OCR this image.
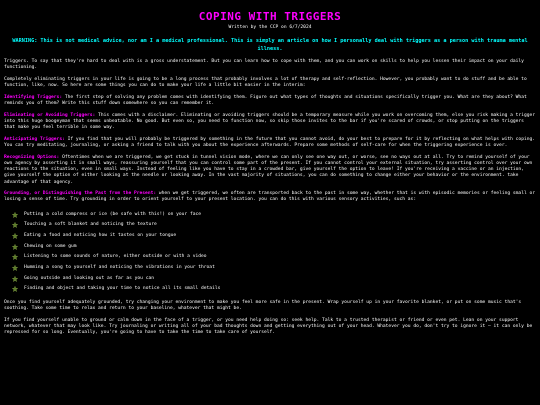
COPING WITH TRIGGERS
Written by the CCP on 6/7/2024
WARNING: This is not medical advice, nor am I a medical professional. This is simply an article on how I personally deal with triggers as a person with trauma mental illness.

Triggers. To say that they're hard to deal with is a gross understatement. But you can learn how to cope with them, and you can work on skills to help you lessen their impact on your daily functioning.

Completely eliminating triggers in your life is going to be a long process that probably involves a lot of therapy and self-reflection. However, you probably want to do stuff and be able to function, like, now. So here are some things you can do to make your life a little bit easier in the interim:

Identifying Triggers: The first step of solving any problem comes with identifying them. Figure out what types of thoughts and situations specifically trigger you. What are they about? What reminds you of them? Write this stuff down somewhere so you can remember it.

Eliminating or Avoiding Triggers: This comes with a disclaimer. Eliminating or avoiding triggers should be a temporary measure while you work on overcoming them, else you risk making a trigger into this huge boogeyman that seems unbeatable. No good. But even so, you need to function now, so skip those invites to the bar if you're scared of crowds, or stop putting on the triggers that make you feel terrible in some way.

Anticipating Triggers: If you find that you will probably be triggered by something in the future that you cannot avoid, do your best to prepare for it by reflecting on what helps with coping. You can try meditating, journaling, or asking a friend to talk with you about the experience afterwards. Prepare some methods of self-care for when the triggering experience is over.

Recognizing Options: Oftentimes when we are triggered, we get stuck in tunnel vision mode, where we can only see one way out, or worse, see no ways out at all. Try to remind yourself of your own agency by asserting it in small ways, reassuring yourself that you can control some part of the present. If you cannot control your external situation, try asserting control over your own reactions to the situation, even in small ways. Instead of feeling like you have to stay in a crowded bar, give yourself the option to leave! If you're receiving a vaccine or an injection, give yourself the option of either looking at the needle or looking away. In the vast majority of situations, you can do something to change either your behavior or the environment. take advantage of that agency.

Grounding, or Distinguishing the Past from the Present: when we get triggered, we often are transported back to the past in some way, whether that is with episodic memories or feeling small or losing a sense of time. Try grounding in order to orient yourself to your present location. you can do this with various sensory activities, such as:

Putting a cold compress or ice (be safe with this!) on your face
Touching a soft blanket and noticing the texture
Eating a food and noticing how it tastes on your tongue
Chewing on some gum
Listening to some sounds of nature, either outside or with a video
Humming a song to yourself and noticing the vibrations in your throat
Going outside and looking out as far as you can
Finding and object and taking your time to notice all its small details

Once you find yourself adequately grounded, try changing your environment to make you feel more safe in the present. Wrap yourself up in your favorite blanket, or put on some music that's soothing. Take some time to relax and return to your baseline, whatever that might be.

If you find yourself unable to ground or calm down in the face of a trigger, or you need help doing so: seek help. Talk to a trusted therapist or friend or even pet. Lean on your support network, whatever that may look like. Try journaling or writing all of your bad thoughts down and getting everything out of your head. Whatever you do, don't try to ignore it – it can only be repressed for so long. Eventually, you're going to have to take the time to take care of yourself.
